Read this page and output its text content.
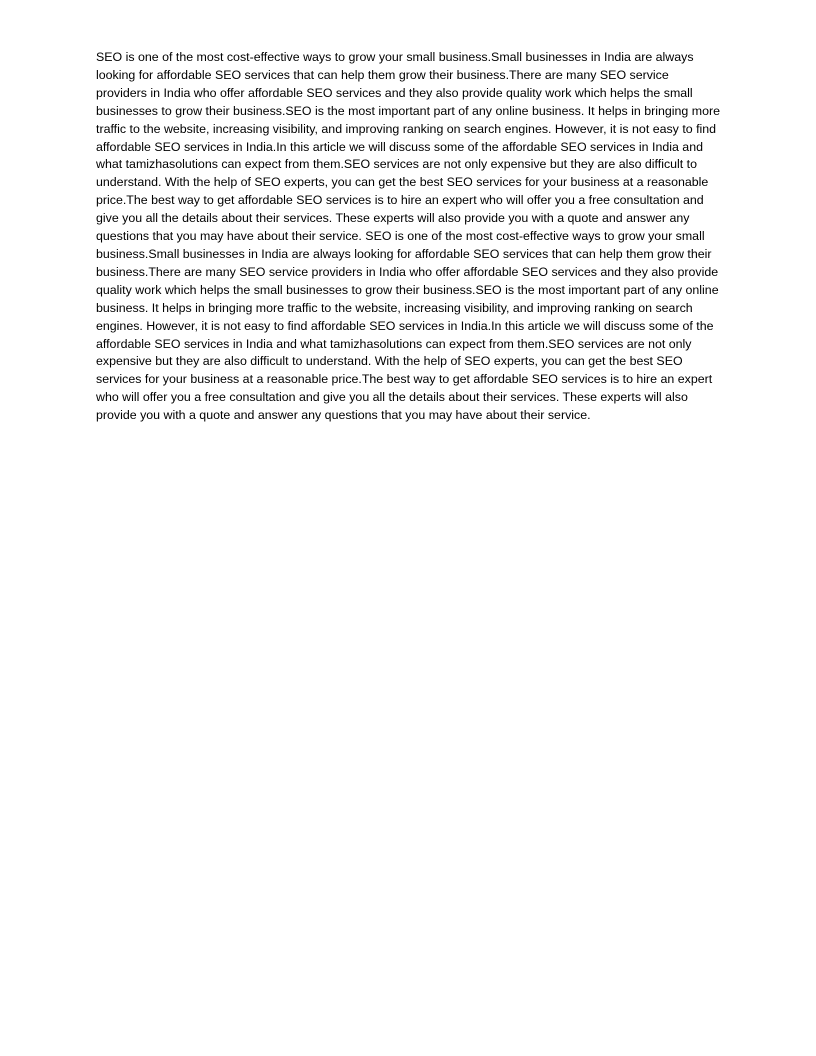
SEO is one of the most cost-effective ways to grow your small business.Small businesses in India are always looking for affordable SEO services that can help them grow their business.There are many SEO service providers in India who offer affordable SEO services and they also provide quality work which helps the small businesses to grow their business.SEO is the most important part of any online business. It helps in bringing more traffic to the website, increasing visibility, and improving ranking on search engines. However, it is not easy to find affordable SEO services in India.In this article we will discuss some of the affordable SEO services in India and what tamizhasolutions can expect from them.SEO services are not only expensive but they are also difficult to understand. With the help of SEO experts, you can get the best SEO services for your business at a reasonable price.The best way to get affordable SEO services is to hire an expert who will offer you a free consultation and give you all the details about their services. These experts will also provide you with a quote and answer any questions that you may have about their service. SEO is one of the most cost-effective ways to grow your small business.Small businesses in India are always looking for affordable SEO services that can help them grow their business.There are many SEO service providers in India who offer affordable SEO services and they also provide quality work which helps the small businesses to grow their business.SEO is the most important part of any online business. It helps in bringing more traffic to the website, increasing visibility, and improving ranking on search engines. However, it is not easy to find affordable SEO services in India.In this article we will discuss some of the affordable SEO services in India and what tamizhasolutions can expect from them.SEO services are not only expensive but they are also difficult to understand. With the help of SEO experts, you can get the best SEO services for your business at a reasonable price.The best way to get affordable SEO services is to hire an expert who will offer you a free consultation and give you all the details about their services. These experts will also provide you with a quote and answer any questions that you may have about their service.
